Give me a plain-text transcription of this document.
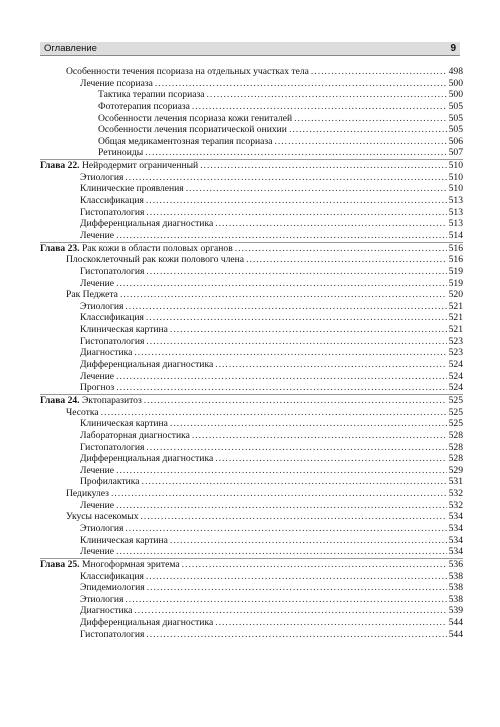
Оглавление	9
Особенности течения псориаза на отдельных участках тела .....	498
Лечение псориаза .....	500
Тактика терапии псориаза .....	500
Фототерапия псориаза .....	505
Особенности лечения псориаза кожи гениталей .....	505
Особенности лечения псориатической онихии .....	505
Общая медикаментозная терапия псориаза .....	506
Ретиноиды .....	507
Глава 22. Нейродермит ограниченный .....	510
Этиология .....	510
Клинические проявления .....	510
Классификация .....	513
Гистопатология .....	513
Дифференциальная диагностика .....	513
Лечение .....	514
Глава 23. Рак кожи в области половых органов .....	516
Плоскоклеточный рак кожи полового члена .....	516
Гистопатология .....	519
Лечение .....	519
Рак Педжета .....	520
Этиология .....	521
Классификация .....	521
Клиническая картина .....	521
Гистопатология .....	523
Диагностика .....	523
Дифференциальная диагностика .....	524
Лечение .....	524
Прогноз .....	524
Глава 24. Эктопаразитоз .....	525
Чесотка .....	525
Клиническая картина .....	525
Лабораторная диагностика .....	528
Гистопатология .....	528
Дифференциальная диагностика .....	528
Лечение .....	529
Профилактика .....	531
Педикулез .....	532
Лечение .....	532
Укусы насекомых .....	534
Этиология .....	534
Клиническая картина .....	534
Лечение .....	534
Глава 25. Многоформная эритема .....	536
Классификация .....	538
Эпидемиология .....	538
Этиология .....	538
Диагностика .....	539
Дифференциальная диагностика .....	544
Гистопатология .....	544
